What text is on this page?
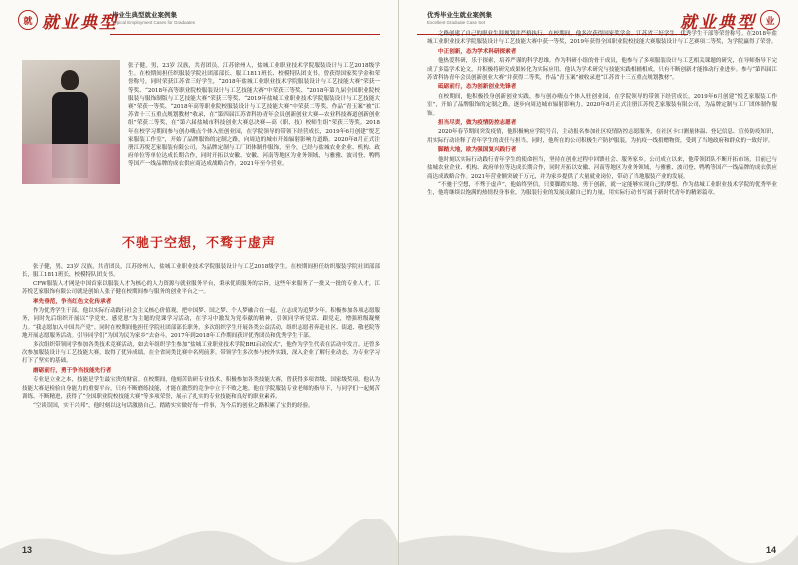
就 就业典型
毕业生典型就业案例集
Typical Employment Cases for Graduates
张子健，男，23岁 汉族，共青团员，江苏徐州人，盐城工业职业技术学院服装设计与工艺2018级学生。在校期间担任织服装学院社团部部长、服工1811班长、校模特队团支书。曾获得国家奖学金和荣誉称号，同时荣获江苏省三好学生，“2018年盐城工业职业技术学院服装设计与工艺技能大赛”荣获一等奖、“2018年高等职业院校服装设计与工艺技能大赛”中荣获三等奖、“2018年第九届全国职业院校服装与服饰制版与工艺技能大赛”荣获三等奖、“2019年盐城工业职业技术学院服装设计与工艺技能大赛”荣获一等奖、“2018年高等职业院校服装设计与工艺技能大赛”中荣获二等奖。作品“青玉案”被“江苏省十三五重点规划教材”收录，在“第四届江苏省科协青年会员创新创业大赛—农业科技赛道创新创业组”荣获二等奖，在“第六届盐城市科技创业大赛总决赛—高（职、技）校师生组”荣获三等奖。2018年在校学习期间参与创办嗨点个体入驻创业园，在学院领导的带领下经营成长，2019年6月创建“悦艺家服装工作室”，开始了品牌服饰的定制之路，向周边的城市开始辐射影响力道路。2020年8月正式注册江苏悦艺家服装有限公司，为品牌定制与工厂团体制作服饰，至今，已经与盐城农业企业、机构、政府单位等单位达成长期合作，同时开拓以安徽、安徽、河南等地区为业务领域，与雅雅、波司登、鸭鸭等国产一线品牌的成衣供应商达成战略合作，2021年至今营业。
不驰于空想，不骛于虚声

张子健，男，23岁 汉族，共青团员，江苏徐州人，盐城工业职业技术学院服装设计与工艺2018级学生，在校期间担任纺织服装学院社团部部长，服工1811班长，校模特队团支书。

CFW服装人才网是中国首家以服装人才为核心的人力资源与就业服务平台，秉承优质服务的宗旨，这些年来服务了一批又一批的专业人才，江苏悦艺家服饰有限公司就是创始人张子健在校期间参与服务的创业平台之一。

率先垂范，争当红色文化传承者

作为优秀学生干部，他以实际行动践行社会主义核心价值观。把中国梦、国之梦、个人梦融合在一起，立志成为追梦少年。积极参加各项志愿服务，同时先后组织开展以“学党史、感党恩”为主题的党课学习活动，在学习中激发为党奉献的精神，引领同学听党话、跟党走，增强班级凝聚力。“我志愿加入中国共产党”。同时在校期间他担任学院社团部部长职务，多次组织学生开展各类公益活动，组织志愿者奔赴社区、街道、敬老院等地开展志愿服务活动。引导同学们“为国为民为家乡”去奋斗。2017年到2018年工作期间获评优秀团员和优秀学生干部。

多次组织带领同学参加各类技术竞赛活动，如去年组织学生参加“盐城工业职业技术学院BRI启动仪式”，他作为学生代表在活动中发言。还曾多次参加服装设计与工艺技能大赛，取得了优异成绩，在全省同类比赛中名列前茅。带领学生多次参与校外实践，深入企业了解行业动态，为专业学习打下了坚实的基础。

磨砺前行，勇于争当技能先行者

专业是立业之本，技能是学生最宝贵的财富。在校期间，他刻苦钻研专业技术，积极参加各类技能大赛，曾获得多项省级、国家级奖项。他认为技能大赛是检验自身能力的重要平台，只有不断磨练技能，才能在激烈的竞争中立于不败之地。他在学院服装专业老师的指导下，与同学们一起刻苦训练、不断精进，获得了“全国职业院校技能大赛”等多项荣誉，展示了扎实的专业技能和良好的职业素养。

“空谈误国，实干兴邦”，他时刻以这句话激励自己，踏踏实实做好每一件事，为今后的创业之路积累了宝贵的经验。

13
就业典型	业
优秀毕业生就业案例集
Excellent Graduate Case Set

之路创建了自己的职业生涯规划并严格执行。在校期间，他多次获得国家奖学金、江苏省三好学生、优秀学生干部等荣誉称号。在2018年盐城工业职业技术学院服装设计与工艺技能大赛中获一等奖，2019年获得全国职业院校技能大赛服装设计与工艺赛项二等奖，为学院赢得了荣誉。

中正创新，态为学术科研探索者

他热爱科研，乐于探索，培养严谨的科学思维。作为科研小组的骨干成员，他参与了多项服装设计与工艺相关课题的研究，在导师指导下完成了多篇学术论文，并积极将研究成果转化为实际应用。他认为学术研究与技能实践相辅相成，只有不断创新才能推动行业进步。参与“第四届江苏省科协青年会员创新创业大赛”并获得二等奖，作品“青玉案”被收录进“江苏省十三五重点规划教材”。

砥砺前行，态为创新创业先锋者

在校期间，他积极投身创新创业实践，参与创办嗨点个体入驻创业园，在学院领导的带领下经营成长。2019年6月创建“悦艺家服装工作室”，开始了品牌服饰的定制之路，逐步向周边城市辐射影响力。2020年8月正式注册江苏悦艺家服装有限公司，为品牌定制与工厂团体制作服饰。

担当尽责，做为疫情防控志愿者

2020年春节期间突发疫情，他积极响应学院号召，主动报名参加社区疫情防控志愿服务，在社区卡口测量体温、登记信息、宣传防疫知识，用实际行动诠释了青年学生的责任与担当。同时，他所在的公司积极生产防护服装，为抗疫一线捐赠物资，受到了当地政府和群众的一致好评。

脚踏大地，欧为强国复兴践行者

他时刻以实际行动践行青年学生的使命担当，坚持在创业过程中回馈社会、服务家乡。公司成立以来，他带领团队不断开拓市场，目前已与盐城农业企业、机构、政府单位等达成长期合作，同时开拓以安徽、河南等地区为业务领域，与雅雅、波司登、鸭鸭等国产一线品牌的成衣供应商达成战略合作。2021年营业额突破千万元，并为家乡提供了大量就业岗位，带动了当地服装产业的发展。

“不驰于空想，不骛于虚声”，他始终坚信，只要脚踏实地、勇于创新，就一定能够实现自己的梦想。作为盐城工业职业技术学院的优秀毕业生，他将继续以饱满的热情投身事业，为服装行业的发展贡献自己的力量，用实际行动书写属于新时代青年的精彩篇章。

14
